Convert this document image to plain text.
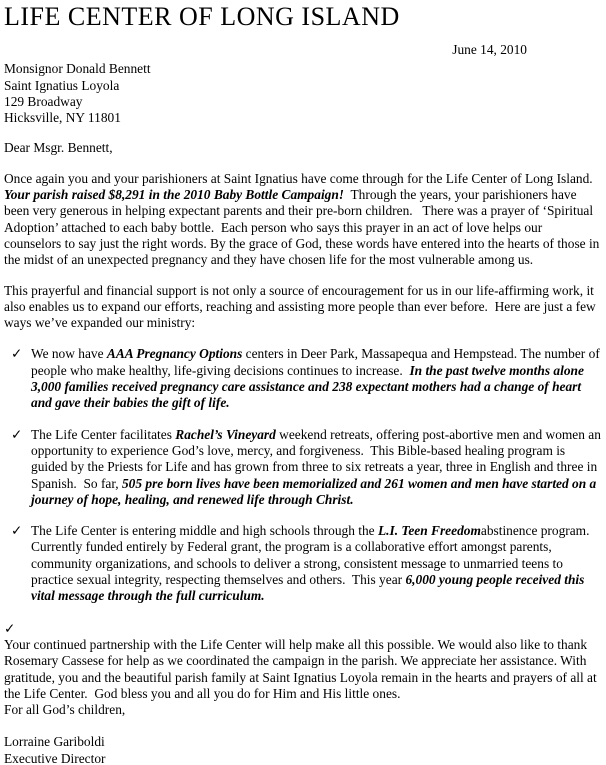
LIFE CENTER OF LONG ISLAND
June 14, 2010
Monsignor Donald Bennett
Saint Ignatius Loyola
129 Broadway
Hicksville, NY 11801
Dear Msgr. Bennett,

Once again you and your parishioners at Saint Ignatius have come through for the Life Center of Long Island.  Your parish raised $8,291 in the 2010 Baby Bottle Campaign!  Through the years, your parishioners have been very generous in helping expectant parents and their pre-born children.   There was a prayer of ‘Spiritual Adoption’ attached to each baby bottle.  Each person who says this prayer in an act of love helps our counselors to say just the right words. By the grace of God, these words have entered into the hearts of those in the midst of an unexpected pregnancy and they have chosen life for the most vulnerable among us.

This prayerful and financial support is not only a source of encouragement for us in our life-affirming work, it also enables us to expand our efforts, reaching and assisting more people than ever before.  Here are just a few ways we’ve expanded our ministry:

✓ We now have AAA Pregnancy Options centers in Deer Park, Massapequa and Hempstead. The number of people who make healthy, life-giving decisions continues to increase.  In the past twelve months alone 3,000 families received pregnancy care assistance and 238 expectant mothers had a change of heart and gave their babies the gift of life.
✓ The Life Center facilitates Rachel’s Vineyard weekend retreats, offering post-abortive men and women an opportunity to experience God’s love, mercy, and forgiveness.  This Bible-based healing program is guided by the Priests for Life and has grown from three to six retreats a year, three in English and three in Spanish.  So far, 505 pre born lives have been memorialized and 261 women and men have started on a journey of hope, healing, and renewed life through Christ.
✓ The Life Center is entering middle and high schools through the L.I. Teen Freedomabstinence program. Currently funded entirely by Federal grant, the program is a collaborative effort amongst parents, community organizations, and schools to deliver a strong, consistent message to unmarried teens to practice sexual integrity, respecting themselves and others.  This year 6,000 young people received this vital message through the full curriculum.
✓

Your continued partnership with the Life Center will help make all this possible. We would also like to thank Rosemary Cassese for help as we coordinated the campaign in the parish. We appreciate her assistance. With gratitude, you and the beautiful parish family at Saint Ignatius Loyola remain in the hearts and prayers of all at the Life Center.  God bless you and all you do for Him and His little ones.

For all God’s children,
Lorraine Gariboldi
Executive Director
